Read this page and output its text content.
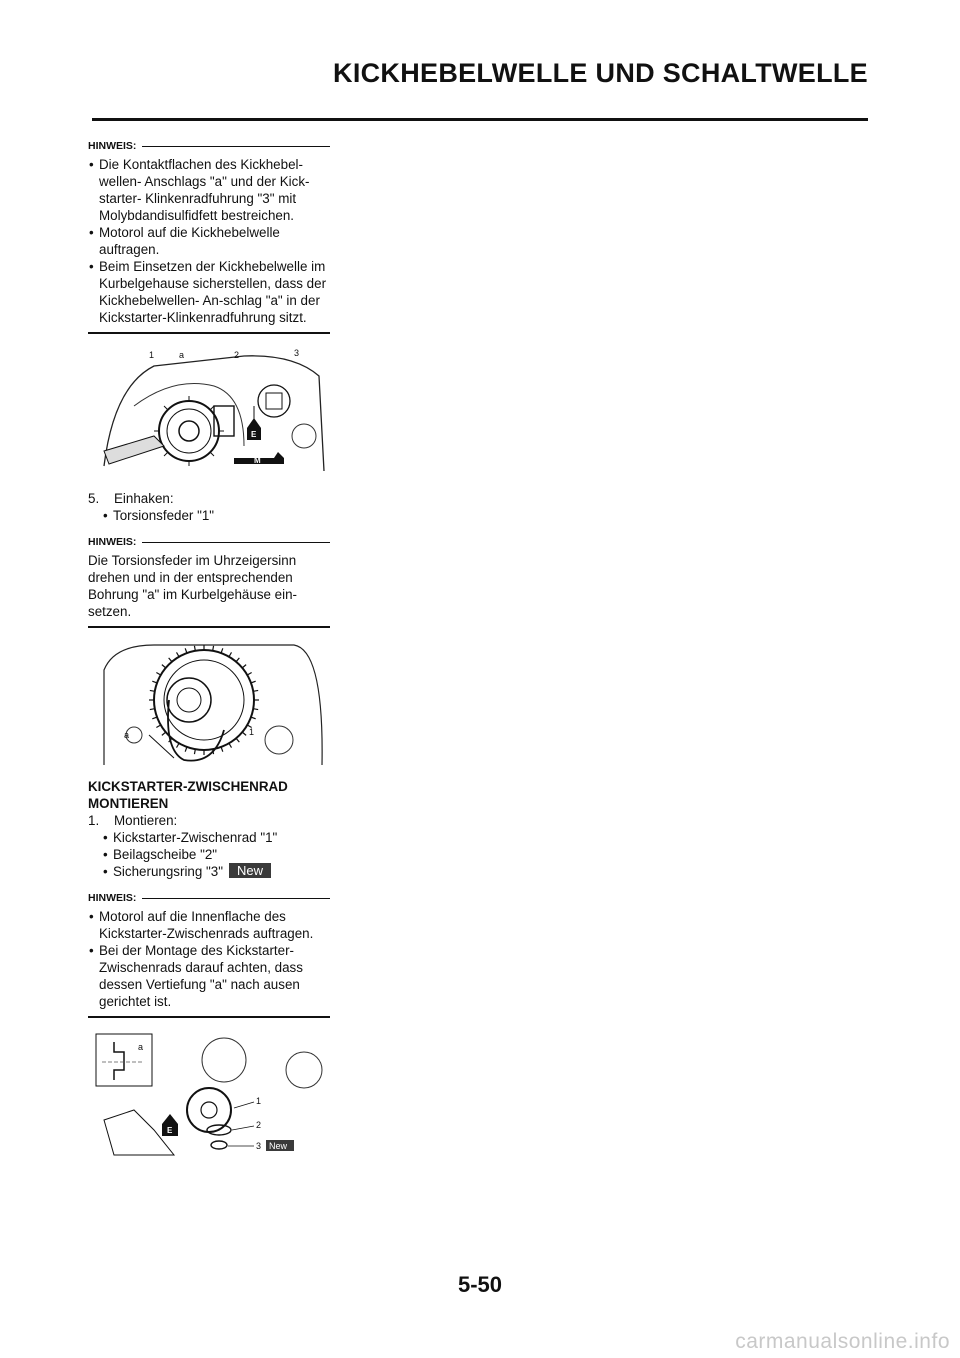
KICKHEBELWELLE UND SCHALTWELLE
HINWEIS:
• Die Kontaktflachen des Kickhebel-wellen- Anschlags "a" und der Kick-starter- Klinkenradfuhrung "3" mit Molybdandisulfidfett bestreichen.
• Motorol auf die Kickhebelwelle auftragen.
• Beim Einsetzen der Kickhebelwelle im Kurbelgehause sicherstellen, dass der Kickhebelwellen- An-schlag "a" in der Kickstarter-Klinkenradfuhrung sitzt.
1	a	2	3
E
M
5. Einhaken:
• Torsionsfeder "1"
HINWEIS:

Die Torsionsfeder im Uhrzeigersinn drehen und in der entsprechenden Bohrung "a" im Kurbelgehäuse ein-setzen.

a	1
KICKSTARTER-ZWISCHENRAD MONTIEREN
1. Montieren:
• Kickstarter-Zwischenrad "1"
• Beilagscheibe "2"
• Sicherungsring "3" New
HINWEIS:
• Motorol auf die Innenflache des Kickstarter-Zwischenrads auftragen.
• Bei der Montage des Kickstarter-Zwischenrads darauf achten, dass dessen Vertiefung "a" nach ausen gerichtet ist.
a
E
1
2
3 New
5-50
carmanualsonline.info
